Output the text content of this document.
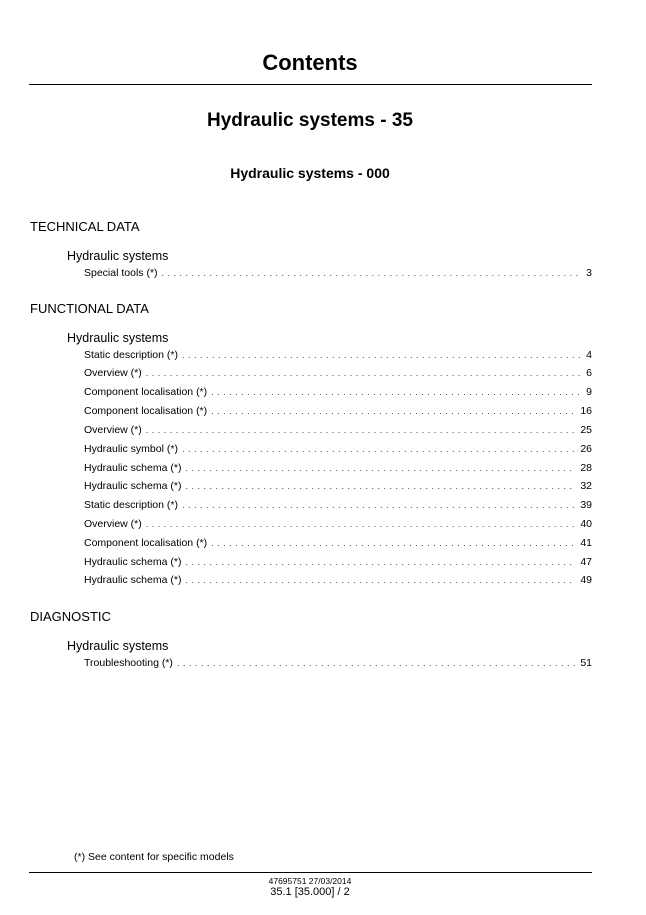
Contents
Hydraulic systems - 35
Hydraulic systems - 000
TECHNICAL DATA
Hydraulic systems
Special tools (*) . . .	3
FUNCTIONAL DATA
Hydraulic systems
Static description (*) . . .	4
Overview (*) . . .	6
Component localisation (*) . . .	9
Component localisation (*) . . .	16
Overview (*) . . .	25
Hydraulic symbol (*) . . .	26
Hydraulic schema (*) . . .	28
Hydraulic schema (*) . . .	32
Static description (*) . . .	39
Overview (*) . . .	40
Component localisation (*) . . .	41
Hydraulic schema (*) . . .	47
Hydraulic schema (*) . . .	49
DIAGNOSTIC
Hydraulic systems
Troubleshooting (*) . . .	51
(*) See content for specific models
47695751 27/03/2014
35.1 [35.000] / 2
